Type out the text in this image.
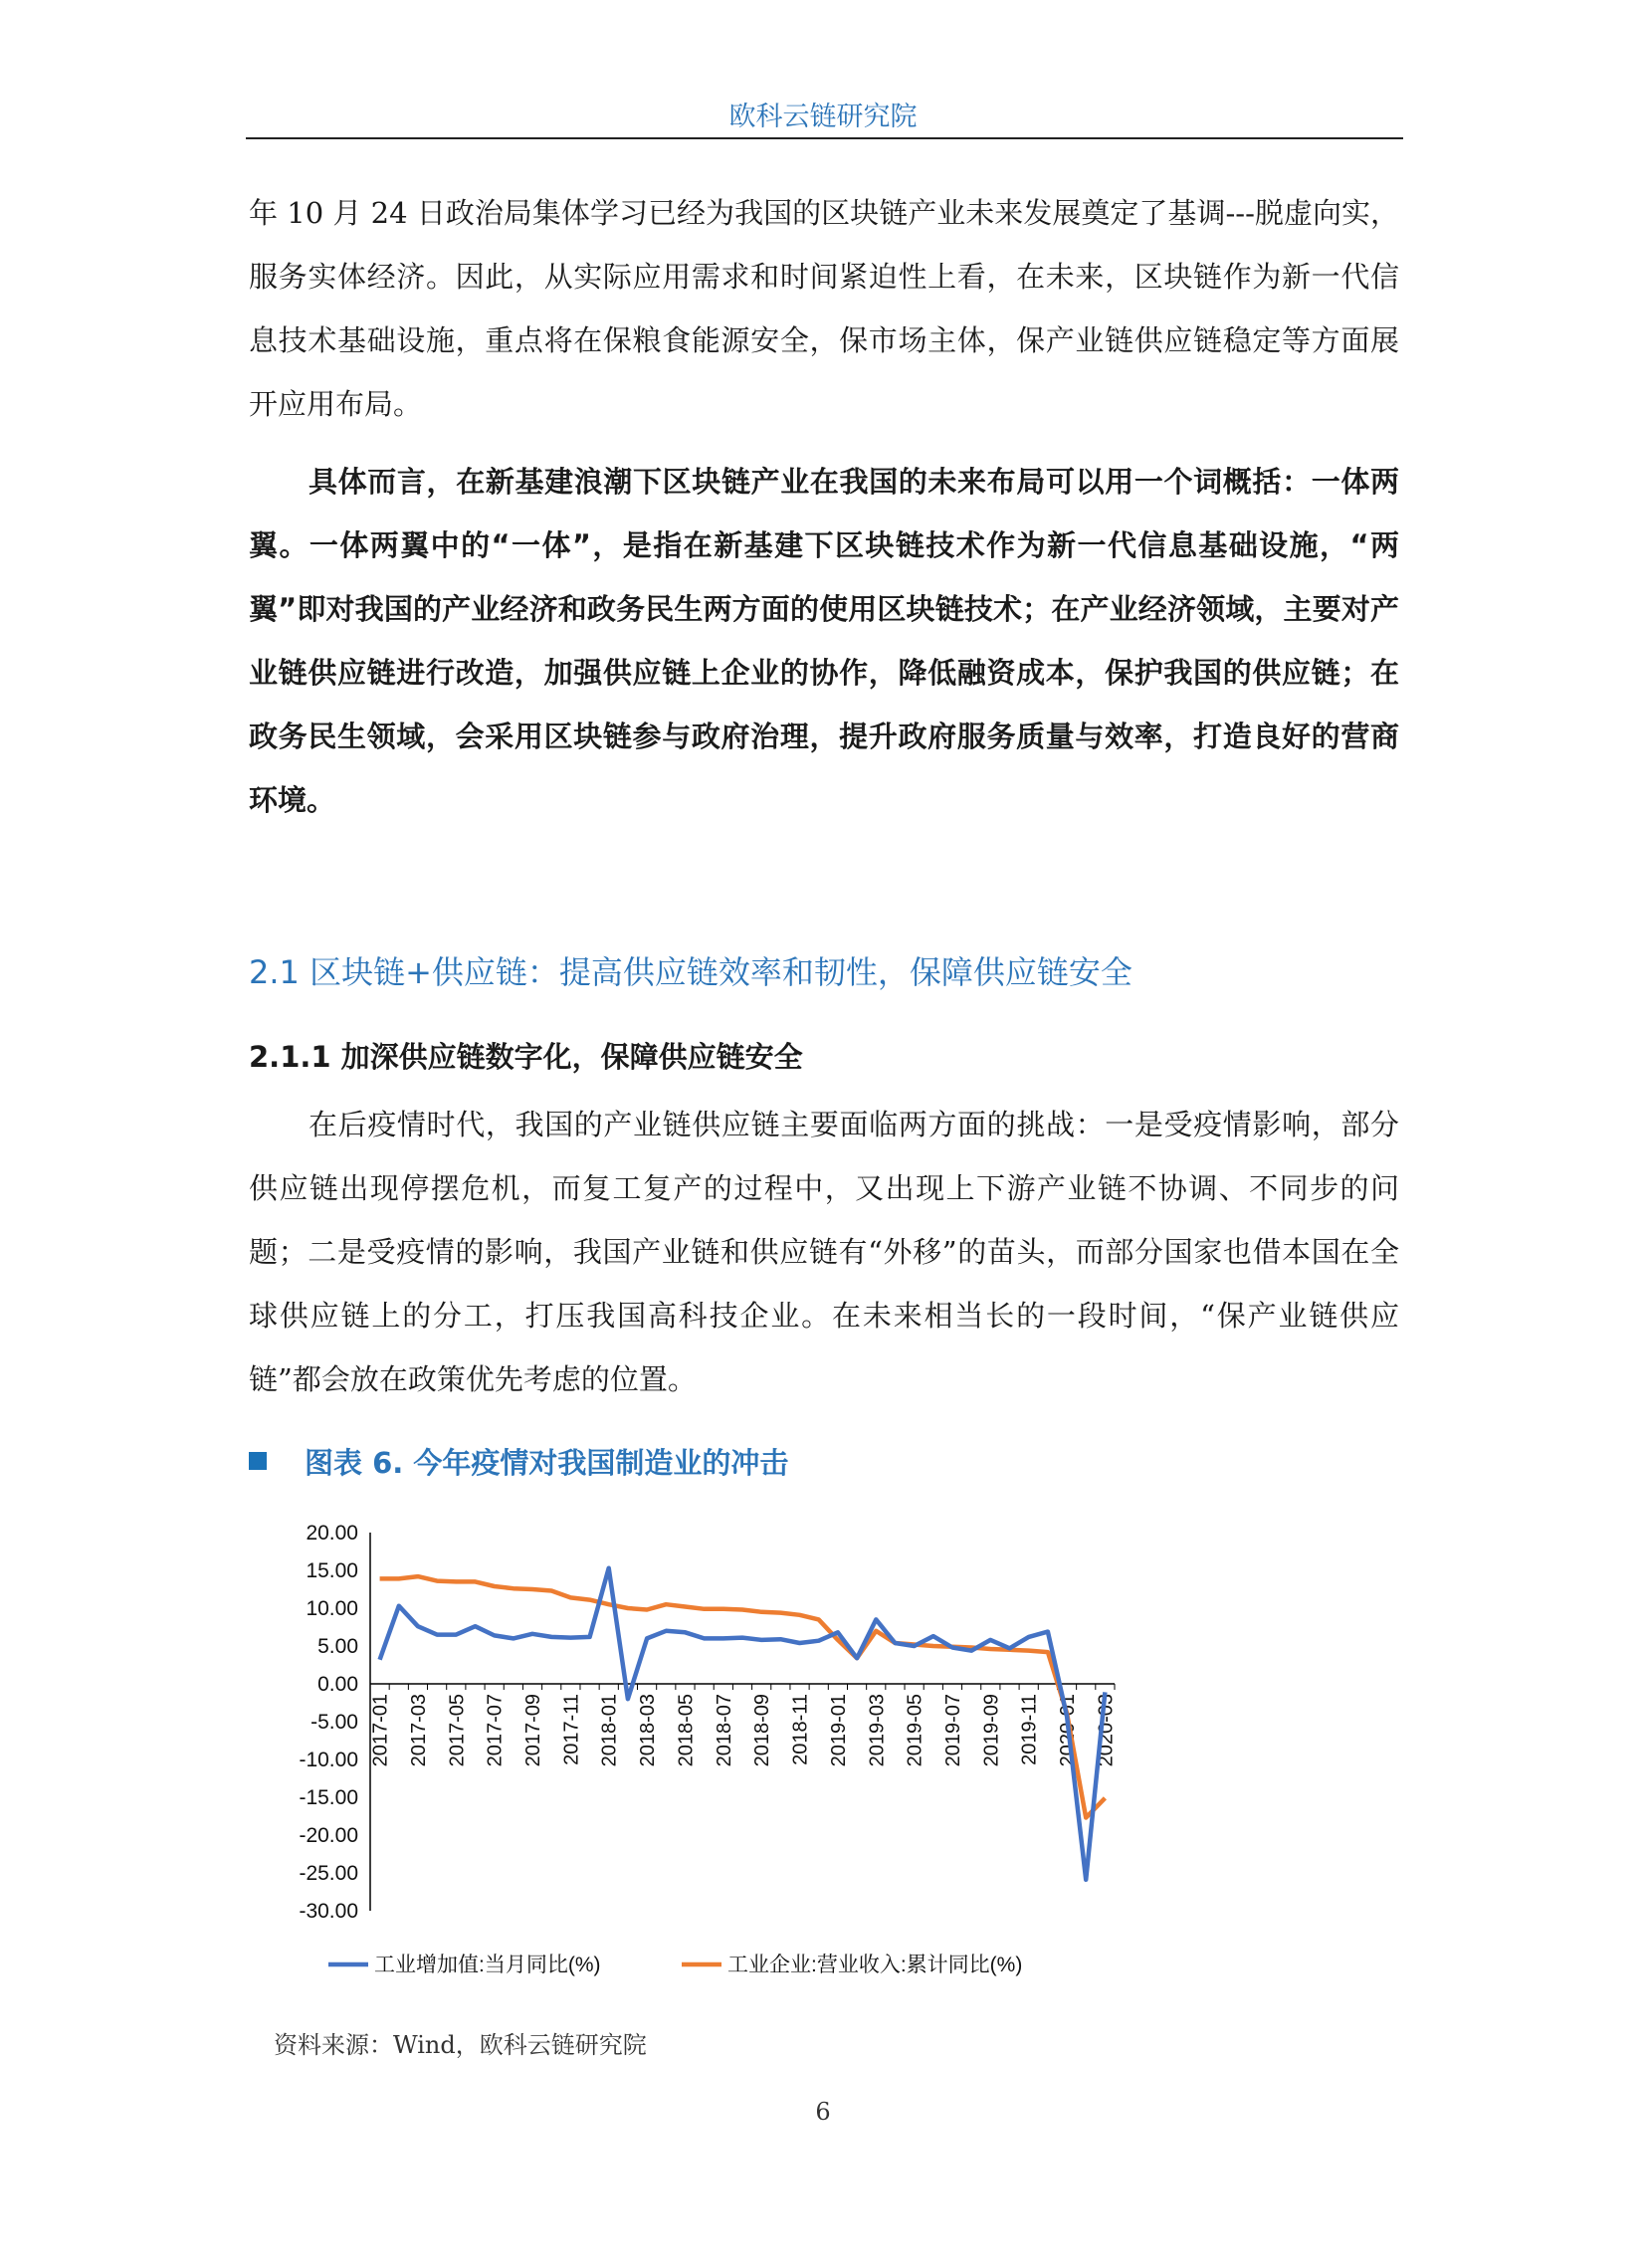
欧科云链研究院

年 10 月 24 日政治局集体学习已经为我国的区块链产业未来发展奠定了基调---脱虚向实，服务实体经济。因此，从实际应用需求和时间紧迫性上看，在未来，区块链作为新一代信息技术基础设施，重点将在保粮食能源安全，保市场主体，保产业链供应链稳定等方面展开应用布局。

具体而言，在新基建浪潮下区块链产业在我国的未来布局可以用一个词概括：一体两翼。一体两翼中的“一体”，是指在新基建下区块链技术作为新一代信息基础设施，“两翼”即对我国的产业经济和政务民生两方面的使用区块链技术；在产业经济领域，主要对产业链供应链进行改造，加强供应链上企业的协作，降低融资成本，保护我国的供应链；在政务民生领域，会采用区块链参与政府治理，提升政府服务质量与效率，打造良好的营商环境。

2.1 区块链+供应链：提高供应链效率和韧性，保障供应链安全
2.1.1 加深供应链数字化，保障供应链安全

在后疫情时代，我国的产业链供应链主要面临两方面的挑战：一是受疫情影响，部分供应链出现停摆危机，而复工复产的过程中，又出现上下游产业链不协调、不同步的问题；二是受疫情的影响，我国产业链和供应链有“外移”的苗头，而部分国家也借本国在全球供应链上的分工，打压我国高科技企业。在未来相当长的一段时间，“保产业链供应链”都会放在政策优先考虑的位置。

图表 6. 今年疫情对我国制造业的冲击
20.00
15.00
10.00
5.00
0.00
-5.00
-10.00
-15.00
-20.00
-25.00
-30.00
2017-01 2017-03 2017-05 2017-07 2017-09 2017-11 2018-01 2018-03 2018-05 2018-07 2018-09 2018-11 2019-01 2019-03 2019-05 2019-07 2019-09 2019-11 2020-01 2020-03
工业增加值:当月同比(%)	工业企业:营业收入:累计同比(%)
资料来源：Wind，欧科云链研究院
6
